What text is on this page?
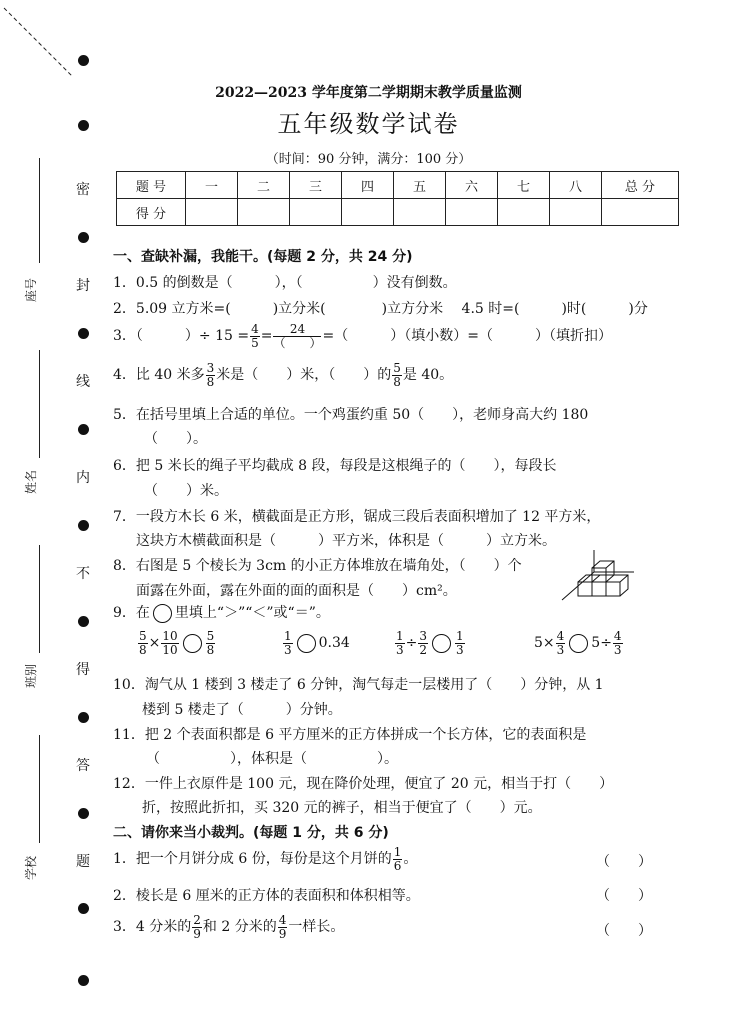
密
封
线
内
不
得
答
题
座号
姓名
班别
学校
2022—2023 学年度第二学期期末教学质量监测
五年级数学试卷
（时间：90 分钟，满分：100 分）
题 号	一	二	三	四	五	六	七	八	总 分
得 分									
一、查缺补漏，我能干。(每题 2 分，共 24 分)
1．0.5 的倒数是（　　　），（　　　　　）没有倒数。
2．5.09 立方米=(　　　)立分米(　　　　)立方分米　 4.5 时=(　　　)时(　　　)分
3．（　　　）÷ $15 = \frac{4}{5} = \frac{24}{( )}$ =（　　　）（填小数）=（　　　）（填折扣）
4．比 40 米多 $\frac{3}{8}$ 米是（　　）米，（　　）的 $\frac{5}{8}$ 是 40。
5．在括号里填上合适的单位。一个鸡蛋约重 50（　　），老师身高大约 180
（　　）。
6．把 5 米长的绳子平均截成 8 段，每段是这根绳子的（　　），每段长
（　　）米。
7．一段方木长 6 米，横截面是正方形，锯成三段后表面积增加了 12 平方米，
这块方木横截面积是（　　　）平方米，体积是（　　　）立方米。
8．右图是 5 个棱长为 3cm 的小正方体堆放在墙角处，（　　）个
面露在外面，露在外面的面的面积是（　　）cm²。
9．在 里填上“＞”“＜”或“＝”。
$\frac{5}{8} \times \frac{10}{10} \frac{5}{8}$	$\frac{1}{3} 0.34$	$\frac{1}{3} \div \frac{3}{2} \frac{1}{3}$	$5\times \frac{4}{3} 5\div \frac{4}{3}$
10．淘气从 1 楼到 3 楼走了 6 分钟，淘气每走一层楼用了（　　）分钟，从 1
楼到 5 楼走了（　　　）分钟。
11．把 2 个表面积都是 6 平方厘米的正方体拼成一个长方体，它的表面积是
（　　　　　），体积是（　　　　　）。
12．一件上衣原件是 100 元，现在降价处理，便宜了 20 元，相当于打（　　）
折，按照此折扣，买 320 元的裤子，相当于便宜了（　　）元。
二、请你来当小裁判。(每题 1 分，共 6 分)
1．把一个月饼分成 6 份，每份是这个月饼的 $\frac{1}{6}$ 。	（　　）
2．棱长是 6 厘米的正方体的表面积和体积相等。	（　　）
3．4 分米的 $\frac{2}{9}$ 和 2 分米的 $\frac{4}{9}$ 一样长。	（　　）
